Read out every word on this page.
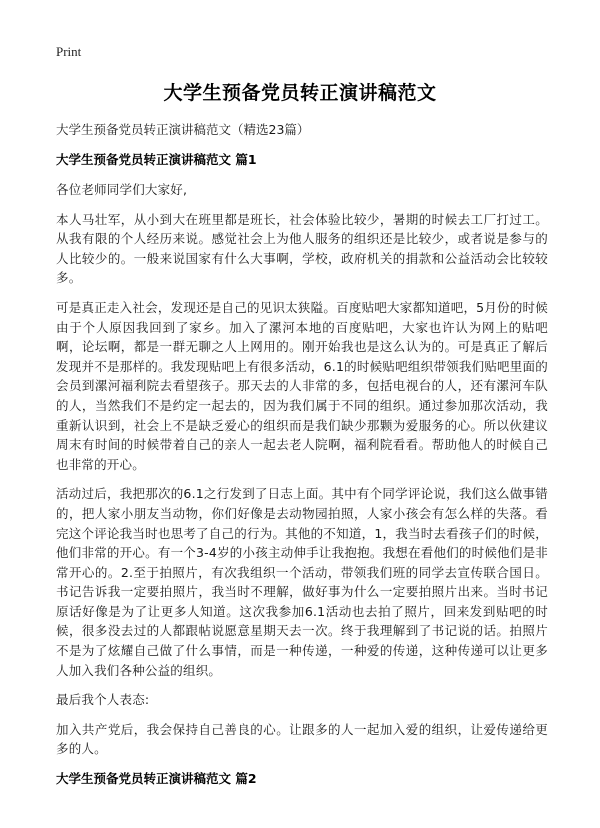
Print
大学生预备党员转正演讲稿范文

大学生预备党员转正演讲稿范文（精选23篇）

大学生预备党员转正演讲稿范文 篇1

各位老师同学们大家好,

本人马壮军，从小到大在班里都是班长，社会体验比较少，暑期的时候去工厂打过工。从我有限的个人经历来说。感觉社会上为他人服务的组织还是比较少，或者说是参与的人比较少的。一般来说国家有什么大事啊，学校，政府机关的捐款和公益活动会比较较多。

可是真正走入社会，发现还是自己的见识太狭隘。百度贴吧大家都知道吧，5月份的时候由于个人原因我回到了家乡。加入了漯河本地的百度贴吧，大家也许认为网上的贴吧啊，论坛啊，都是一群无聊之人上网用的。刚开始我也是这么认为的。可是真正了解后发现并不是那样的。我发现贴吧上有很多活动，6.1的时候贴吧组织带领我们贴吧里面的会员到漯河福利院去看望孩子。那天去的人非常的多，包括电视台的人，还有漯河车队的人，当然我们不是约定一起去的，因为我们属于不同的组织。通过参加那次活动，我重新认识到，社会上不是缺乏爱心的组织而是我们缺少那颗为爱服务的心。所以伙建议周末有时间的时候带着自己的亲人一起去老人院啊，福利院看看。帮助他人的时候自己也非常的开心。

活动过后，我把那次的6.1之行发到了日志上面。其中有个同学评论说，我们这么做事错的，把人家小朋友当动物，你们好像是去动物园拍照，人家小孩会有怎么样的失落。看完这个评论我当时也思考了自己的行为。其他的不知道，1，我当时去看孩子们的时候，他们非常的开心。有一个3-4岁的小孩主动伸手让我抱抱。我想在看他们的时候他们是非常开心的。2.至于拍照片，有次我组织一个活动，带领我们班的同学去宣传联合国日。书记告诉我一定要拍照片，我当时不理解，做好事为什么一定要拍照片出来。当时书记原话好像是为了让更多人知道。这次我参加6.1活动也去拍了照片，回来发到贴吧的时候，很多没去过的人都跟帖说愿意星期天去一次。终于我理解到了书记说的话。拍照片不是为了炫耀自己做了什么事情，而是一种传递，一种爱的传递，这种传递可以让更多人加入我们各种公益的组织。

最后我个人表态:

加入共产党后，我会保持自己善良的心。让跟多的人一起加入爱的组织，让爱传递给更多的人。

大学生预备党员转正演讲稿范文 篇2
